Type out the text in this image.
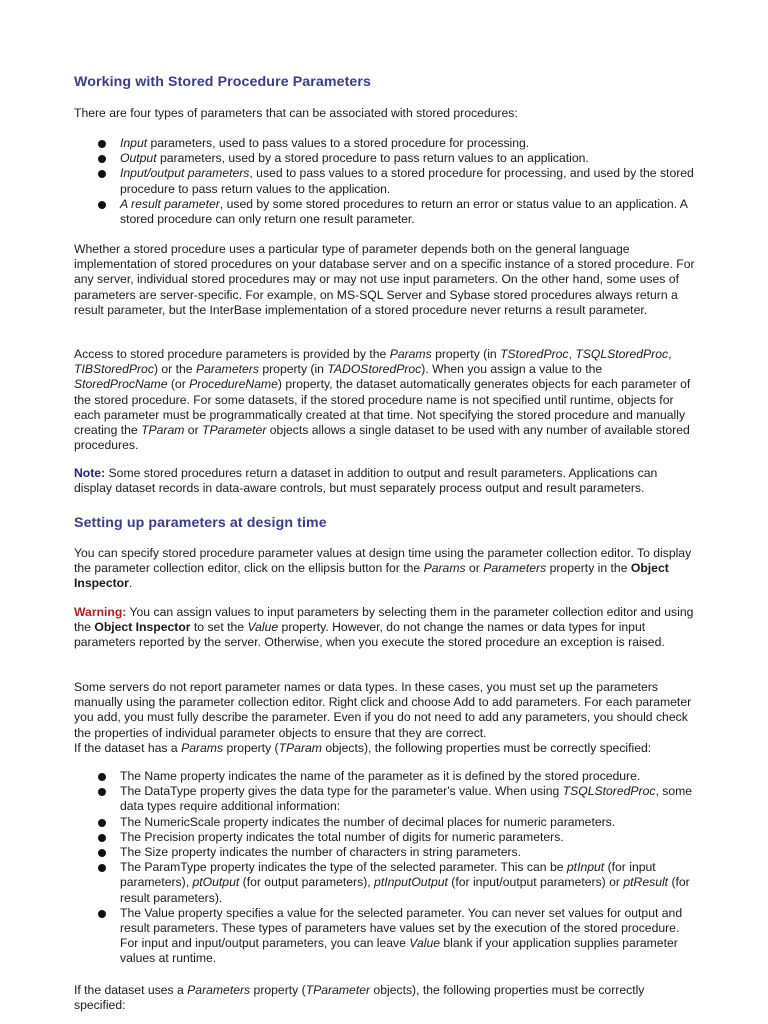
Working with Stored Procedure Parameters

There are four types of parameters that can be associated with stored procedures:

Input parameters, used to pass values to a stored procedure for processing.
Output parameters, used by a stored procedure to pass return values to an application.
Input/output parameters, used to pass values to a stored procedure for processing, and used by the stored procedure to pass return values to the application.
A result parameter, used by some stored procedures to return an error or status value to an application. A stored procedure can only return one result parameter.

Whether a stored procedure uses a particular type of parameter depends both on the general language implementation of stored procedures on your database server and on a specific instance of a stored procedure. For any server, individual stored procedures may or may not use input parameters. On the other hand, some uses of parameters are server-specific. For example, on MS-SQL Server and Sybase stored procedures always return a result parameter, but the InterBase implementation of a stored procedure never returns a result parameter.

Access to stored procedure parameters is provided by the Params property (in TStoredProc, TSQLStoredProc, TIBStoredProc) or the Parameters property (in TADOStoredProc). When you assign a value to the StoredProcName (or ProcedureName) property, the dataset automatically generates objects for each parameter of the stored procedure. For some datasets, if the stored procedure name is not specified until runtime, objects for each parameter must be programmatically created at that time. Not specifying the stored procedure and manually creating the TParam or TParameter objects allows a single dataset to be used with any number of available stored procedures.

Note: Some stored procedures return a dataset in addition to output and result parameters. Applications can display dataset records in data-aware controls, but must separately process output and result parameters.

Setting up parameters at design time

You can specify stored procedure parameter values at design time using the parameter collection editor. To display the parameter collection editor, click on the ellipsis button for the Params or Parameters property in the Object Inspector.

Warning: You can assign values to input parameters by selecting them in the parameter collection editor and using the Object Inspector to set the Value property. However, do not change the names or data types for input parameters reported by the server. Otherwise, when you execute the stored procedure an exception is raised.

Some servers do not report parameter names or data types. In these cases, you must set up the parameters manually using the parameter collection editor. Right click and choose Add to add parameters. For each parameter you add, you must fully describe the parameter. Even if you do not need to add any parameters, you should check the properties of individual parameter objects to ensure that they are correct.

If the dataset has a Params property (TParam objects), the following properties must be correctly specified:

The Name property indicates the name of the parameter as it is defined by the stored procedure.
The DataType property gives the data type for the parameter's value. When using TSQLStoredProc, some data types require additional information:
The NumericScale property indicates the number of decimal places for numeric parameters.
The Precision property indicates the total number of digits for numeric parameters.
The Size property indicates the number of characters in string parameters.
The ParamType property indicates the type of the selected parameter. This can be ptInput (for input parameters), ptOutput (for output parameters), ptInputOutput (for input/output parameters) or ptResult (for result parameters).
The Value property specifies a value for the selected parameter. You can never set values for output and result parameters. These types of parameters have values set by the execution of the stored procedure. For input and input/output parameters, you can leave Value blank if your application supplies parameter values at runtime.

If the dataset uses a Parameters property (TParameter objects), the following properties must be correctly specified:
